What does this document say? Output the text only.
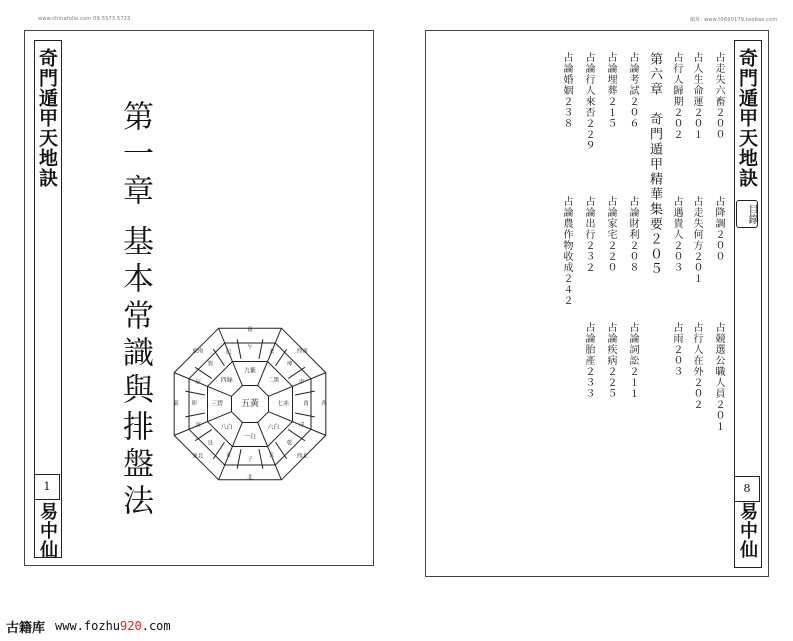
www.chinafolio.com 09.5573.5723	網址: www.t0690179.taobao.com
奇門遁甲天地訣
1
易中仙
第一章
基本常識與排盤法	五黃
九紫
二黑
七赤
六白
一白
八白
三碧
四綠
午
未
坤
申
酉
戌
乾
亥
子
丑
艮
寅
卯
辰
巽
巳
南
西南
西
西北
北
東北
東
東南
奇門遁甲天地訣
目錄
8
易中仙
占走失六畜２００
占降調２００
占競選公職人員２０１
占人生命運２０１
占走失何方２０１
占行人在外２０２
占行人歸期２０２
占遇貴人２０３
占雨２０３
占論考試２０６
占論財利２０８
占論詞訟２１１
占論埋葬２１５
占論家宅２２０
占論疾病２２５
占論行人來否２２９
占論出行２３２
占論胎產２３３
占論婚姻２３８
占論農作物收成２４２	第六章　奇門遁甲精華集要２０５
古籍库 www.fozhu920.com
